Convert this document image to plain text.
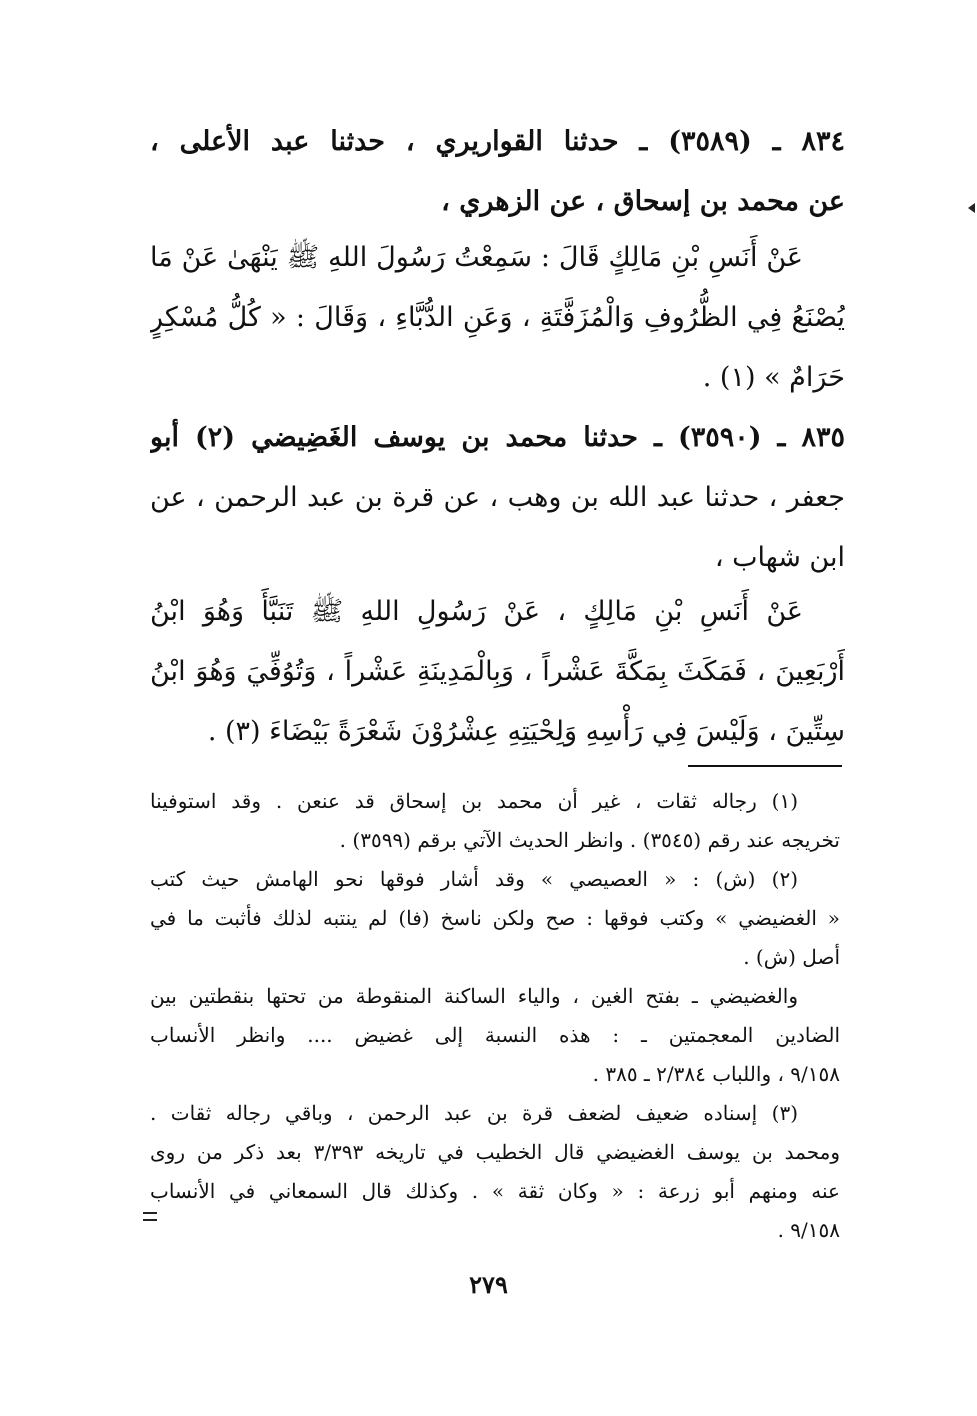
٨٣٤ ـ (٣٥٨٩) ـ حدثنا القواريري ، حدثنا عبد الأعلى ،
عن محمد بن إسحاق ، عن الزهري ،
عَنْ أَنَسِ بْنِ مَالِكٍ قَالَ : سَمِعْتُ رَسُولَ اللهِ ﷺ يَنْهَىٰ عَنْ مَا
يُصْنَعُ فِي الظُّرُوفِ وَالْمُزَفَّتَةِ ، وَعَنِ الدُّبَّاءِ ، وَقَالَ : « كُلُّ مُسْكِرٍ
حَرَامٌ » (١) .
٨٣٥ ـ (٣٥٩٠) ـ حدثنا محمد بن يوسف الغَضِيضي (٢) أبو
جعفر ، حدثنا عبد الله بن وهب ، عن قرة بن عبد الرحمن ، عن
ابن شهاب ،
عَنْ أَنَسِ بْنِ مَالِكٍ ، عَنْ رَسُولِ اللهِ ﷺ تَنَبَّأَ وَهُوَ ابْنُ
أَرْبَعِينَ ، فَمَكَثَ بِمَكَّةَ عَشْراً ، وَبِالْمَدِينَةِ عَشْراً ، وَتُوُفِّيَ وَهُوَ ابْنُ
سِتِّينَ ، وَلَيْسَ فِي رَأْسِهِ وَلِحْيَتِهِ عِشْرُوْنَ شَعْرَةً بَيْضَاءَ (٣) .
(١) رجاله ثقات ، غير أن محمد بن إسحاق قد عنعن . وقد استوفينا
تخريجه عند رقم (٣٥٤٥) . وانظر الحديث الآتي برقم (٣٥٩٩) .
(٢) (ش) : « العصيصي » وقد أشار فوقها نحو الهامش حيث كتب
« الغضيضي » وكتب فوقها : صح ولكن ناسخ (فا) لم ينتبه لذلك فأثبت ما في
أصل (ش) .
والغضيضي ـ بفتح الغين ، والياء الساكنة المنقوطة من تحتها بنقطتين بين
الضادين المعجمتين ـ : هذه النسبة إلى غضيض .... وانظر الأنساب
٩/١٥٨ ، واللباب ٢/٣٨٤ ـ ٣٨٥ .
(٣) إسناده ضعيف لضعف قرة بن عبد الرحمن ، وباقي رجاله ثقات .
ومحمد بن يوسف الغضيضي قال الخطيب في تاريخه ٣/٣٩٣ بعد ذكر من روى
عنه ومنهم أبو زرعة : « وكان ثقة » . وكذلك قال السمعاني في الأنساب
٩/١٥٨ .
٢٧٩
